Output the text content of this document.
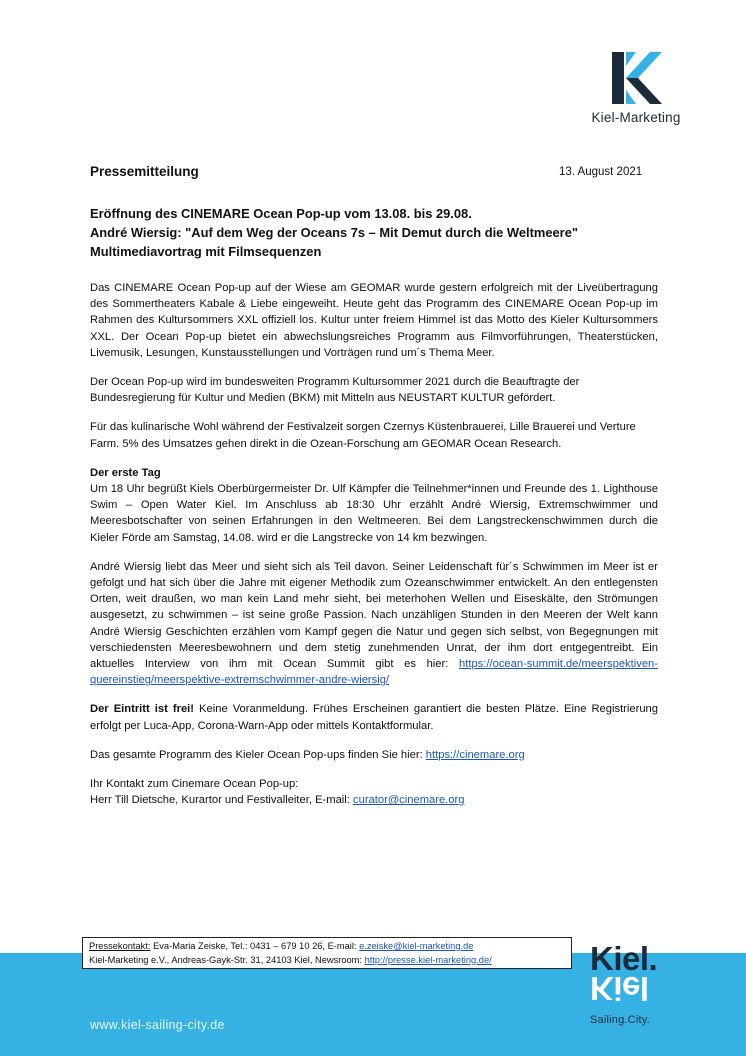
Kiel-Marketing
Pressemitteilung	13. August 2021
Eröffnung des CINEMARE Ocean Pop-up vom 13.08. bis 29.08.
André Wiersig: "Auf dem Weg der Oceans 7s – Mit Demut durch die Weltmeere"
Multimediavortrag mit Filmsequenzen

Das CINEMARE Ocean Pop-up auf der Wiese am GEOMAR wurde gestern erfolgreich mit der Liveübertragung des Sommertheaters Kabale & Liebe eingeweiht. Heute geht das Programm des CINEMARE Ocean Pop-up im Rahmen des Kultursommers XXL offiziell los. Kultur unter freiem Himmel ist das Motto des Kieler Kultursommers XXL. Der Ocean Pop-up bietet ein abwechslungsreiches Programm aus Filmvorführungen, Theaterstücken, Livemusik, Lesungen, Kunstausstellungen und Vorträgen rund um´s Thema Meer.

Der Ocean Pop-up wird im bundesweiten Programm Kultursommer 2021 durch die Beauftragte der Bundesregierung für Kultur und Medien (BKM) mit Mitteln aus NEUSTART KULTUR gefördert.

Für das kulinarische Wohl während der Festivalzeit sorgen Czernys Küstenbrauerei, Lille Brauerei und Verture Farm. 5% des Umsatzes gehen direkt in die Ozean-Forschung am GEOMAR Ocean Research.

Der erste Tag
Um 18 Uhr begrüßt Kiels Oberbürgermeister Dr. Ulf Kämpfer die Teilnehmer*innen und Freunde des 1. Lighthouse Swim – Open Water Kiel. Im Anschluss ab 18:30 Uhr erzählt André Wiersig, Extremschwimmer und Meeresbotschafter von seinen Erfahrungen in den Weltmeeren. Bei dem Langstreckenschwimmen durch die Kieler Förde am Samstag, 14.08. wird er die Langstrecke von 14 km bezwingen.

André Wiersig liebt das Meer und sieht sich als Teil davon. Seiner Leidenschaft für´s Schwimmen im Meer ist er gefolgt und hat sich über die Jahre mit eigener Methodik zum Ozeanschwimmer entwickelt. An den entlegensten Orten, weit draußen, wo man kein Land mehr sieht, bei meterhohen Wellen und Eiseskälte, den Strömungen ausgesetzt, zu schwimmen – ist seine große Passion. Nach unzähligen Stunden in den Meeren der Welt kann André Wiersig Geschichten erzählen vom Kampf gegen die Natur und gegen sich selbst, von Begegnungen mit verschiedensten Meeresbewohnern und dem stetig zunehmenden Unrat, der ihm dort entgegentreibt. Ein aktuelles Interview von ihm mit Ocean Summit gibt es hier: https://ocean-summit.de/meerspektiven-quereinstieg/meerspektive-extremschwimmer-andre-wiersig/

Der Eintritt ist frei! Keine Voranmeldung. Frühes Erscheinen garantiert die besten Plätze. Eine Registrierung erfolgt per Luca-App, Corona-Warn-App oder mittels Kontaktformular.

Das gesamte Programm des Kieler Ocean Pop-ups finden Sie hier: https://cinemare.org

Ihr Kontakt zum Cinemare Ocean Pop-up:
Herr Till Dietsche, Kurartor und Festivalleiter, E-mail: curator@cinemare.org

Pressekontakt: Eva-Maria Zeiske, Tel.: 0431 – 679 10 26, E-mail: e.zeiske@kiel-marketing.de
Kiel-Marketing e.V., Andreas-Gayk-Str. 31, 24103 Kiel, Newsroom: http://presse.kiel-marketing.de/
www.kiel-sailing-city.de
Kiel.
Kiel
Sailing.City.
